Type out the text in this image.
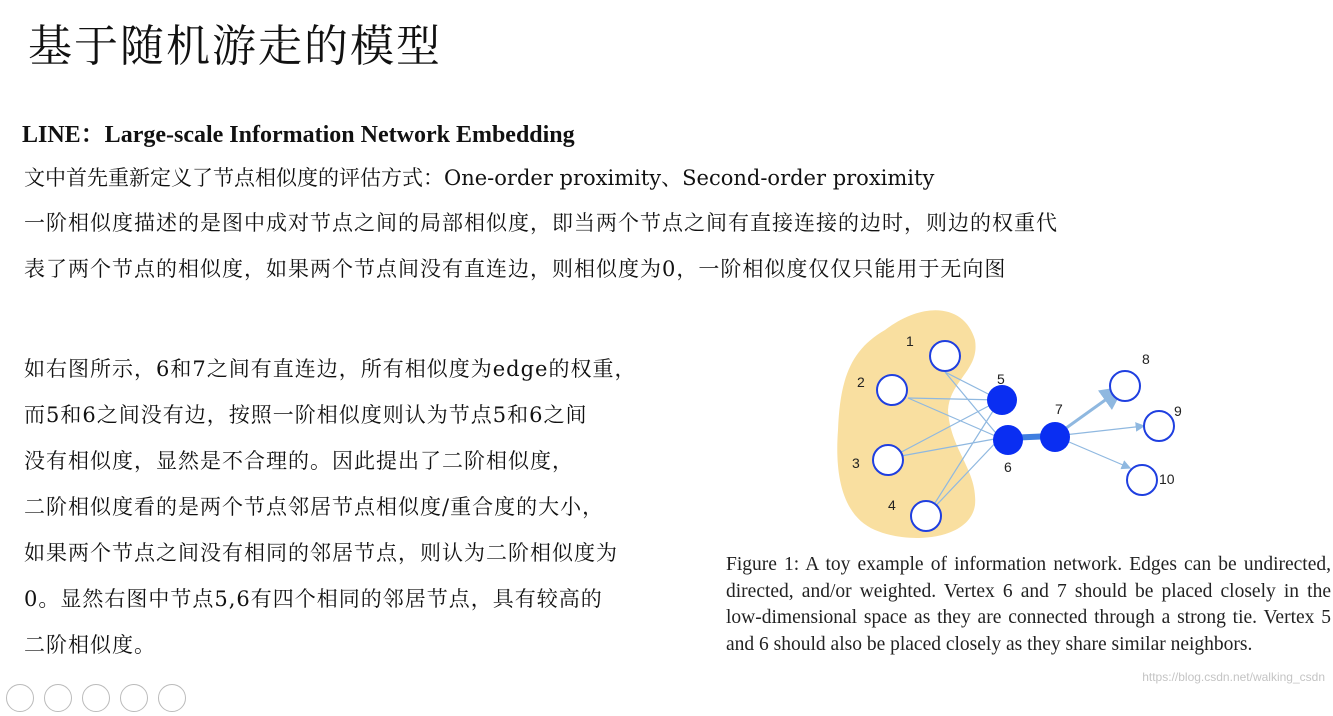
基于随机游走的模型
LINE：Large-scale Information Network Embedding
文中首先重新定义了节点相似度的评估方式：One-order proximity、Second-order proximity
一阶相似度描述的是图中成对节点之间的局部相似度，即当两个节点之间有直接连接的边时，则边的权重代
表了两个节点的相似度，如果两个节点间没有直连边，则相似度为0，一阶相似度仅仅只能用于无向图
如右图所示，6和7之间有直连边，所有相似度为edge的权重，
而5和6之间没有边，按照一阶相似度则认为节点5和6之间
没有相似度，显然是不合理的。因此提出了二阶相似度，
二阶相似度看的是两个节点邻居节点相似度/重合度的大小，
如果两个节点之间没有相同的邻居节点，则认为二阶相似度为
0。显然右图中节点5,6有四个相同的邻居节点，具有较高的
二阶相似度。
1
2
3
4
5
6
7
8
9
10
Figure 1: A toy example of information network. Edges can be undirected, directed, and/or weighted. Vertex 6 and 7 should be placed closely in the low-dimensional space as they are connected through a strong tie. Vertex 5 and 6 should also be placed closely as they share similar neighbors.
https://blog.csdn.net/walking_csdn
